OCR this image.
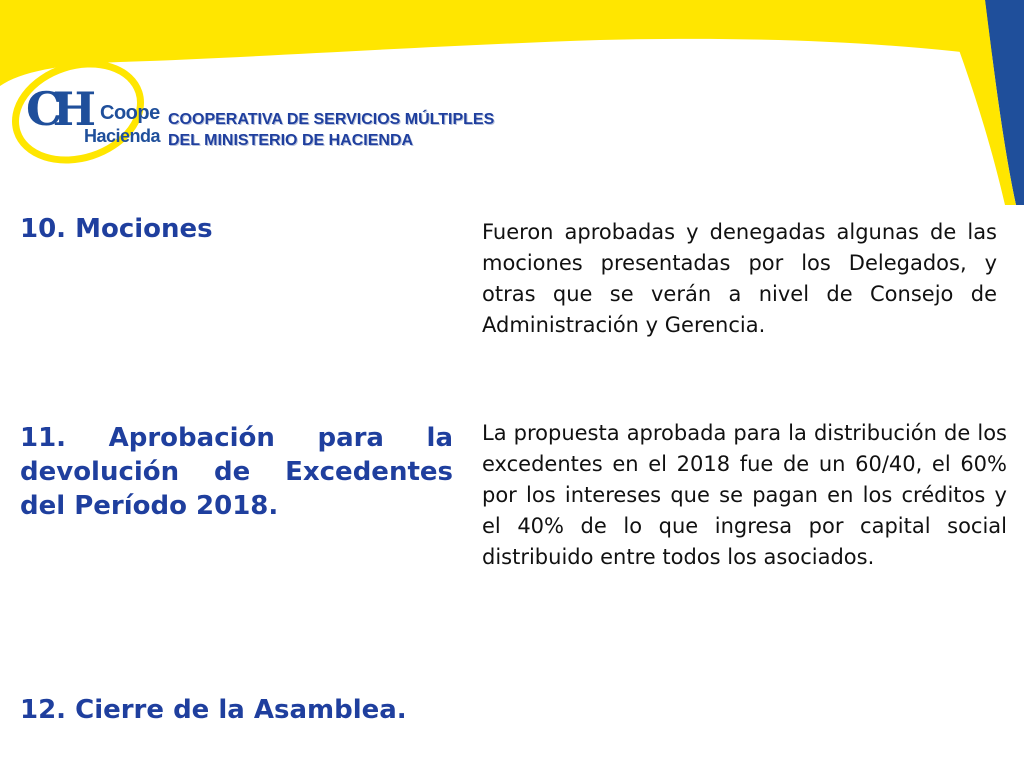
CH Coope
Hacienda
COOPERATIVA DE SERVICIOS MÚLTIPLES
DEL MINISTERIO DE HACIENDA
10. Mociones	Fueron aprobadas y denegadas algunas de las mociones presentadas por los Delegados, y otras que se verán a nivel de Consejo de Administración y Gerencia.

11. Aprobación para la devolución de Excedentes del Período 2018.

La propuesta aprobada para la distribución de los excedentes en el 2018 fue de un 60/40, el 60% por los intereses que se pagan en los créditos y el 40% de lo que ingresa por capital social distribuido entre todos los asociados.

12. Cierre de la Asamblea.
